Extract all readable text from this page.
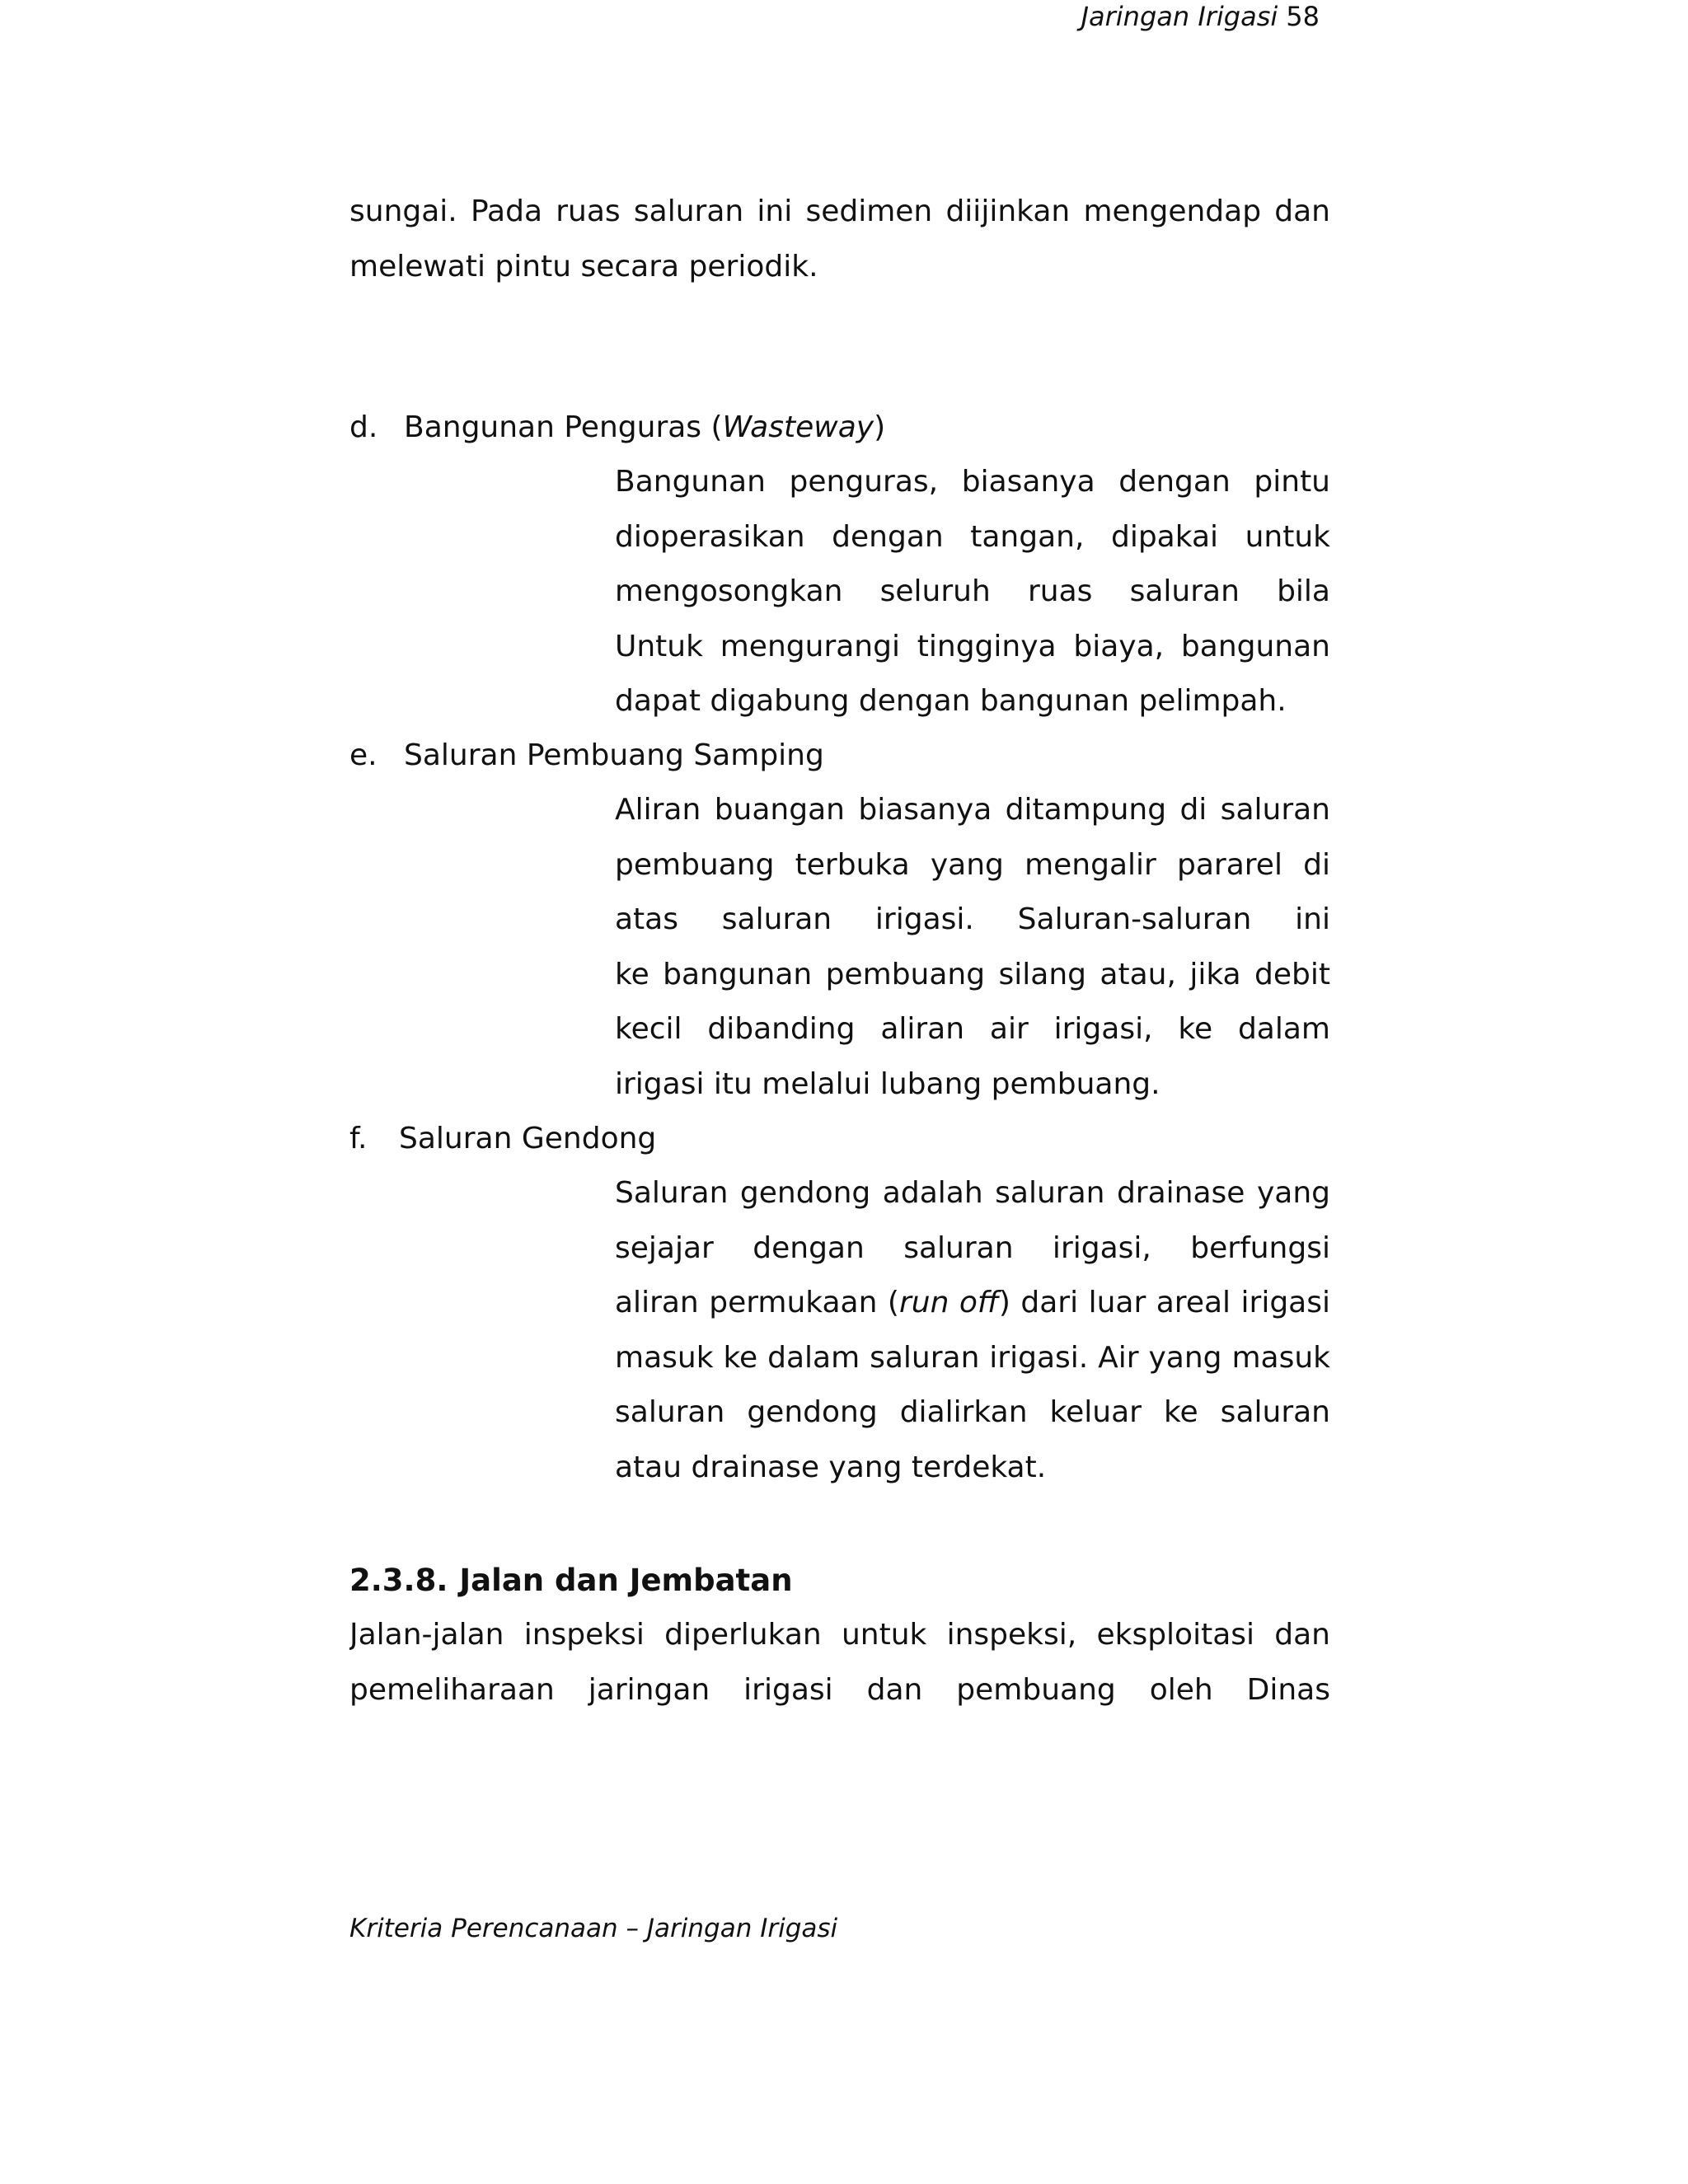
Jaringan Irigasi 58

sungai. Pada ruas saluran ini sedimen diijinkan mengendap dan
melewati pintu secara periodik.

d. Bangunan Penguras (Wasteway)

Bangunan penguras, biasanya dengan pintu
dioperasikan dengan tangan, dipakai untuk
mengosongkan seluruh ruas saluran bila
Untuk mengurangi tingginya biaya, bangunan
dapat digabung dengan bangunan pelimpah.

e. Saluran Pembuang Samping

Aliran buangan biasanya ditampung di saluran
pembuang terbuka yang mengalir pararel di
atas saluran irigasi. Saluran-saluran ini
ke bangunan pembuang silang atau, jika debit
kecil dibanding aliran air irigasi, ke dalam
irigasi itu melalui lubang pembuang.

f. Saluran Gendong

Saluran gendong adalah saluran drainase yang
sejajar dengan saluran irigasi, berfungsi
aliran permukaan (run off) dari luar areal irigasi
masuk ke dalam saluran irigasi. Air yang masuk
saluran gendong dialirkan keluar ke saluran
atau drainase yang terdekat.

2.3.8. Jalan dan Jembatan

Jalan-jalan inspeksi diperlukan untuk inspeksi, eksploitasi dan
pemeliharaan jaringan irigasi dan pembuang oleh Dinas

Kriteria Perencanaan – Jaringan Irigasi
